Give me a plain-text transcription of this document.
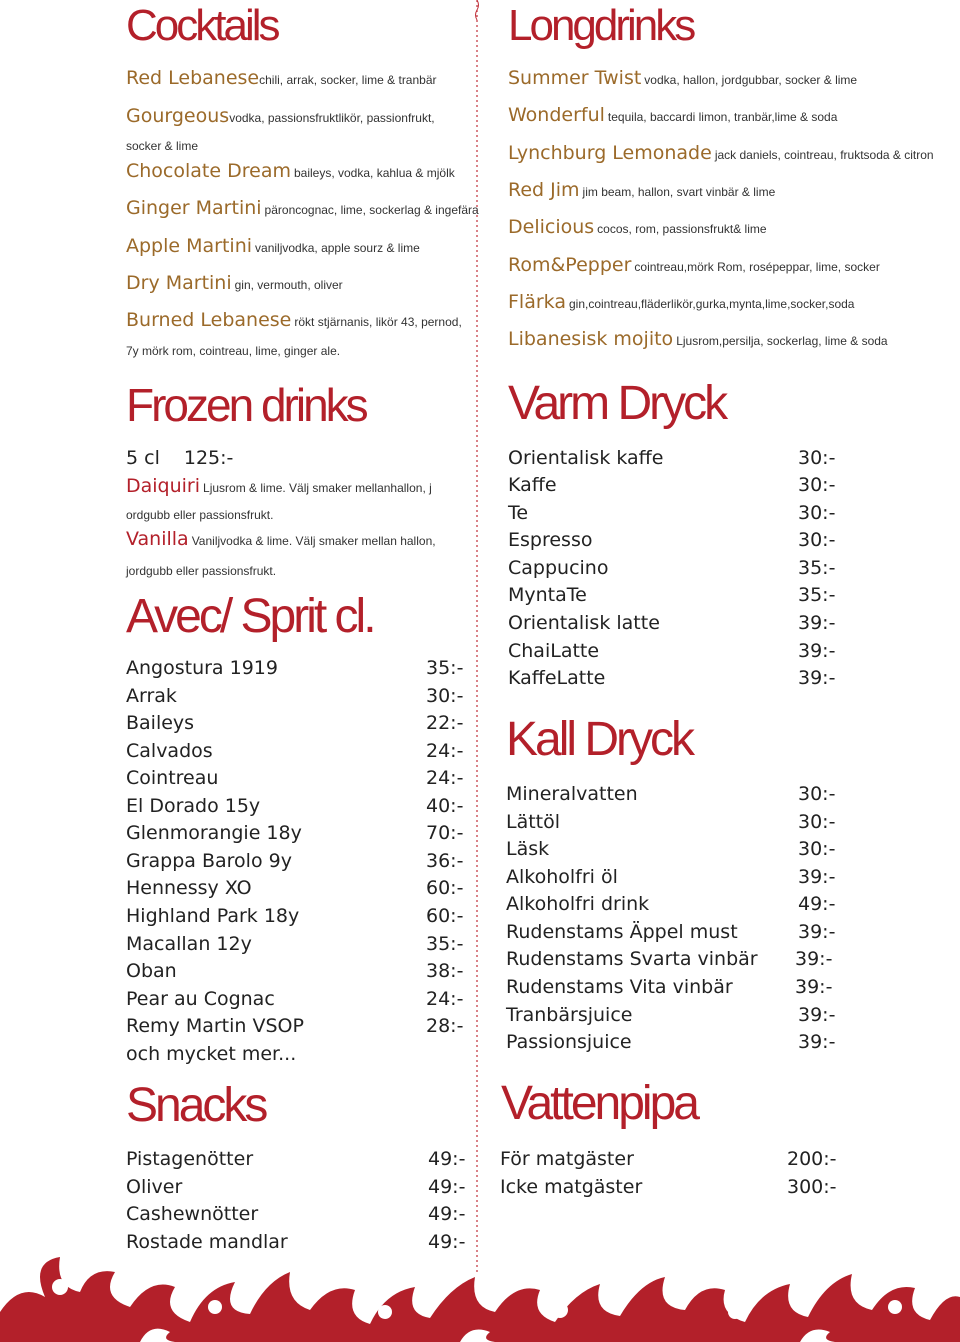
Cocktails
Red Lebanesechili, arrak, socker, lime & tranbär
Gourgeousvodka, passionsfruktlikör, passionfrukt,
socker & lime
Chocolate Dream baileys, vodka, kahlua & mjölk
Ginger Martini päroncognac, lime, sockerlag & ingefära
Apple Martini vaniljvodka, apple sourz & lime
Dry Martini gin, vermouth, oliver
Burned Lebanese rökt stjärnanis, likör 43, pernod,
7y mörk rom, cointreau, lime, ginger ale.
Frozen drinks
5 cl 125:-
Daiquiri Ljusrom & lime. Välj smaker mellanhallon, j
ordgubb eller passionsfrukt.
Vanilla Vaniljvodka & lime. Välj smaker mellan hallon,
jordgubb eller passionsfrukt.
Avec/ Sprit cl.
Angostura 1919	35:-
Arrak	30:-
Baileys	22:-
Calvados	24:-
Cointreau	24:-
El Dorado 15y	40:-
Glenmorangie 18y	70:-
Grappa Barolo 9y	36:-
Hennessy XO	60:-
Highland Park 18y	60:-
Macallan 12y	35:-
Oban	38:-
Pear au Cognac	24:-
Remy Martin VSOP	28:-
och mycket mer...
Snacks
Pistagenötter	49:-
Oliver	49:-
Cashewnötter	49:-
Rostade mandlar	49:-
Longdrinks
Summer Twist vodka, hallon, jordgubbar, socker & lime
Wonderful tequila, baccardi limon, tranbär,lime & soda
Lynchburg Lemonade jack daniels, cointreau, fruktsoda & citron
Red Jim jim beam, hallon, svart vinbär & lime
Delicious cocos, rom, passionsfrukt& lime
Rom&Pepper cointreau,mörk Rom, rosépeppar, lime, socker
Flärka gin,cointreau,fläderlikör,gurka,mynta,lime,socker,soda
Libanesisk mojito Ljusrom,persilja, sockerlag, lime & soda
Varm Dryck
Orientalisk kaffe	30:-
Kaffe	30:-
Te	30:-
Espresso	30:-
Cappucino	35:-
MyntaTe	35:-
Orientalisk latte	39:-
ChaiLatte	39:-
KaffeLatte	39:-
Kall Dryck
Mineralvatten	30:-
Lättöl	30:-
Läsk	30:-
Alkoholfri öl	39:-
Alkoholfri drink	49:-
Rudenstams Äppel must	39:-
Rudenstams Svarta vinbär 39:-
Rudenstams Vita vinbär	39:-
Tranbärsjuice	39:-
Passionsjuice	39:-
Vattenpipa
För matgäster	200:-
Icke matgäster	300:-
